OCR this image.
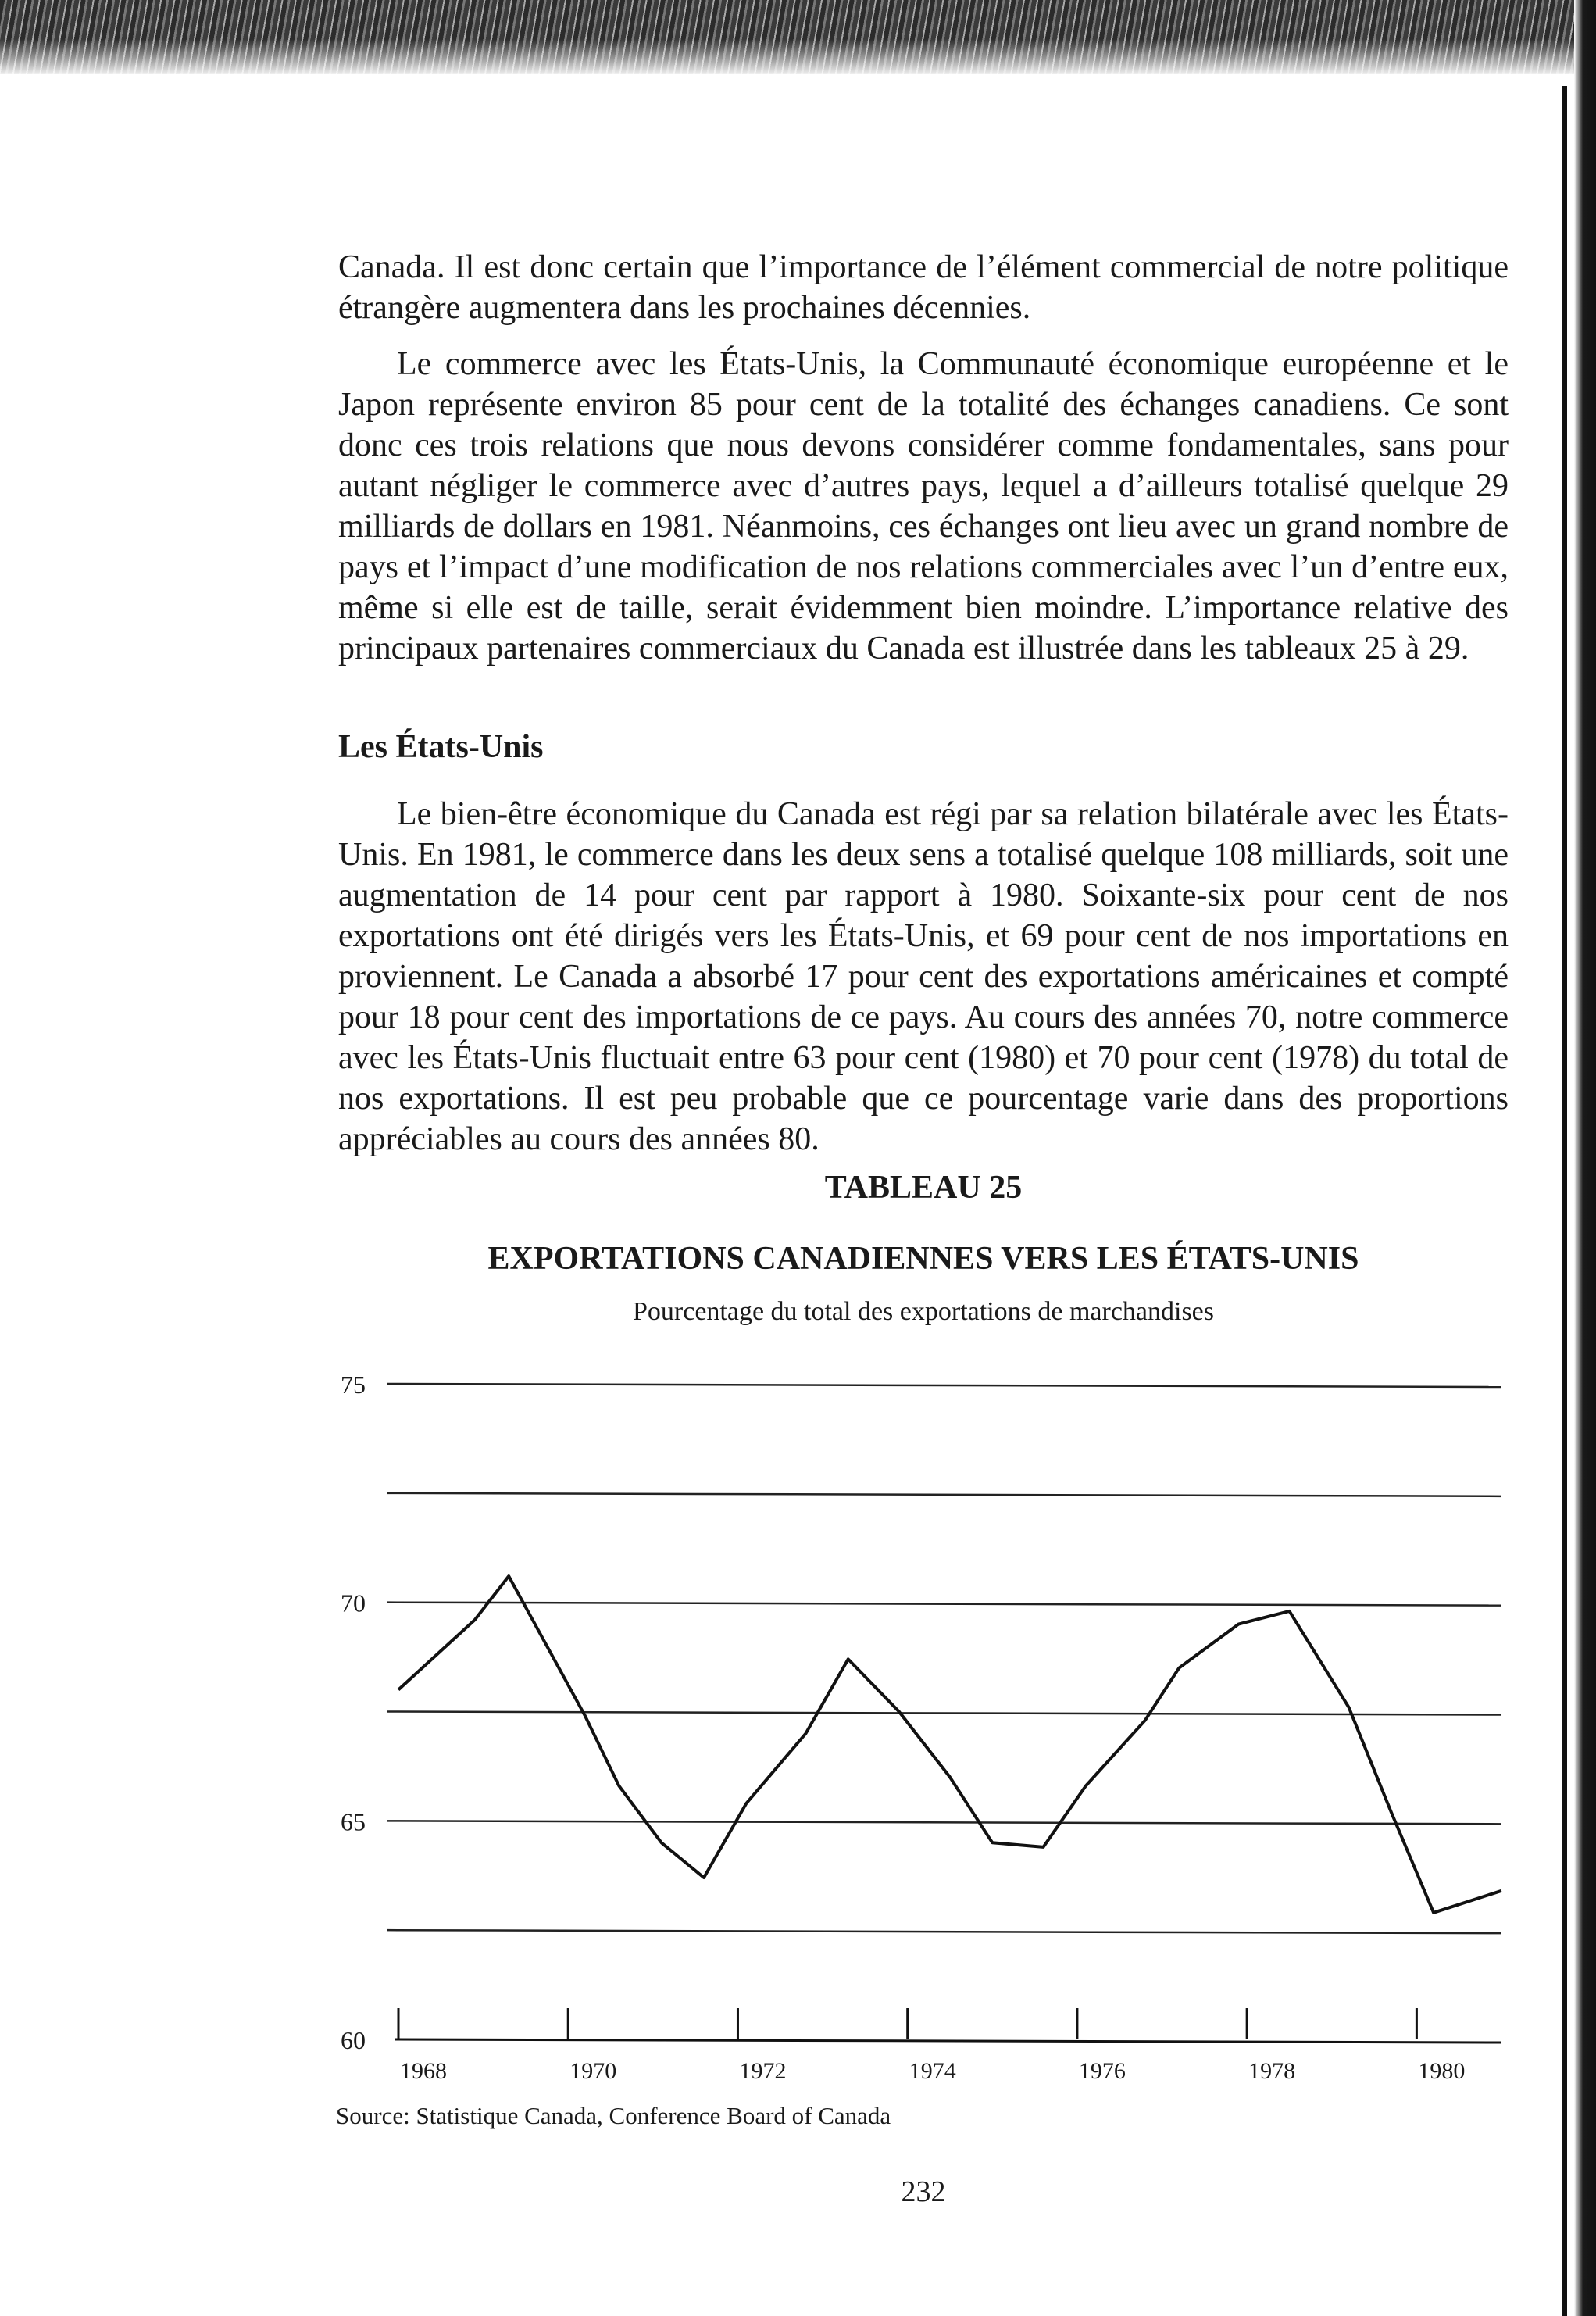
Canada. Il est donc certain que l’importance de l’élément commercial de notre politique étrangère augmentera dans les prochaines décennies.

Le commerce avec les États-Unis, la Communauté économique européenne et le Japon représente environ 85 pour cent de la totalité des échanges canadiens. Ce sont donc ces trois relations que nous devons considérer comme fondamentales, sans pour autant négliger le commerce avec d’autres pays, lequel a d’ailleurs totalisé quelque 29 milliards de dollars en 1981. Néanmoins, ces échanges ont lieu avec un grand nombre de pays et l’impact d’une modification de nos relations commerciales avec l’un d’entre eux, même si elle est de taille, serait évidemment bien moindre. L’importance relative des principaux partenaires commerciaux du Canada est illustrée dans les tableaux 25 à 29.

Les États-Unis

Le bien-être économique du Canada est régi par sa relation bilatérale avec les États-Unis. En 1981, le commerce dans les deux sens a totalisé quelque 108 milliards, soit une augmentation de 14 pour cent par rapport à 1980. Soixante-six pour cent de nos exportations ont été dirigés vers les États-Unis, et 69 pour cent de nos importations en proviennent. Le Canada a absorbé 17 pour cent des exportations américaines et compté pour 18 pour cent des importations de ce pays. Au cours des années 70, notre commerce avec les États-Unis fluctuait entre 63 pour cent (1980) et 70 pour cent (1978) du total de nos exportations. Il est peu probable que ce pourcentage varie dans des proportions appréciables au cours des années 80.

TABLEAU 25

EXPORTATIONS CANADIENNES VERS LES ÉTATS-UNIS

Pourcentage du total des exportations de marchandises

75
70
65
60
1968	1970	1972	1974	1976	1978	1980

Source: Statistique Canada, Conference Board of Canada

232
